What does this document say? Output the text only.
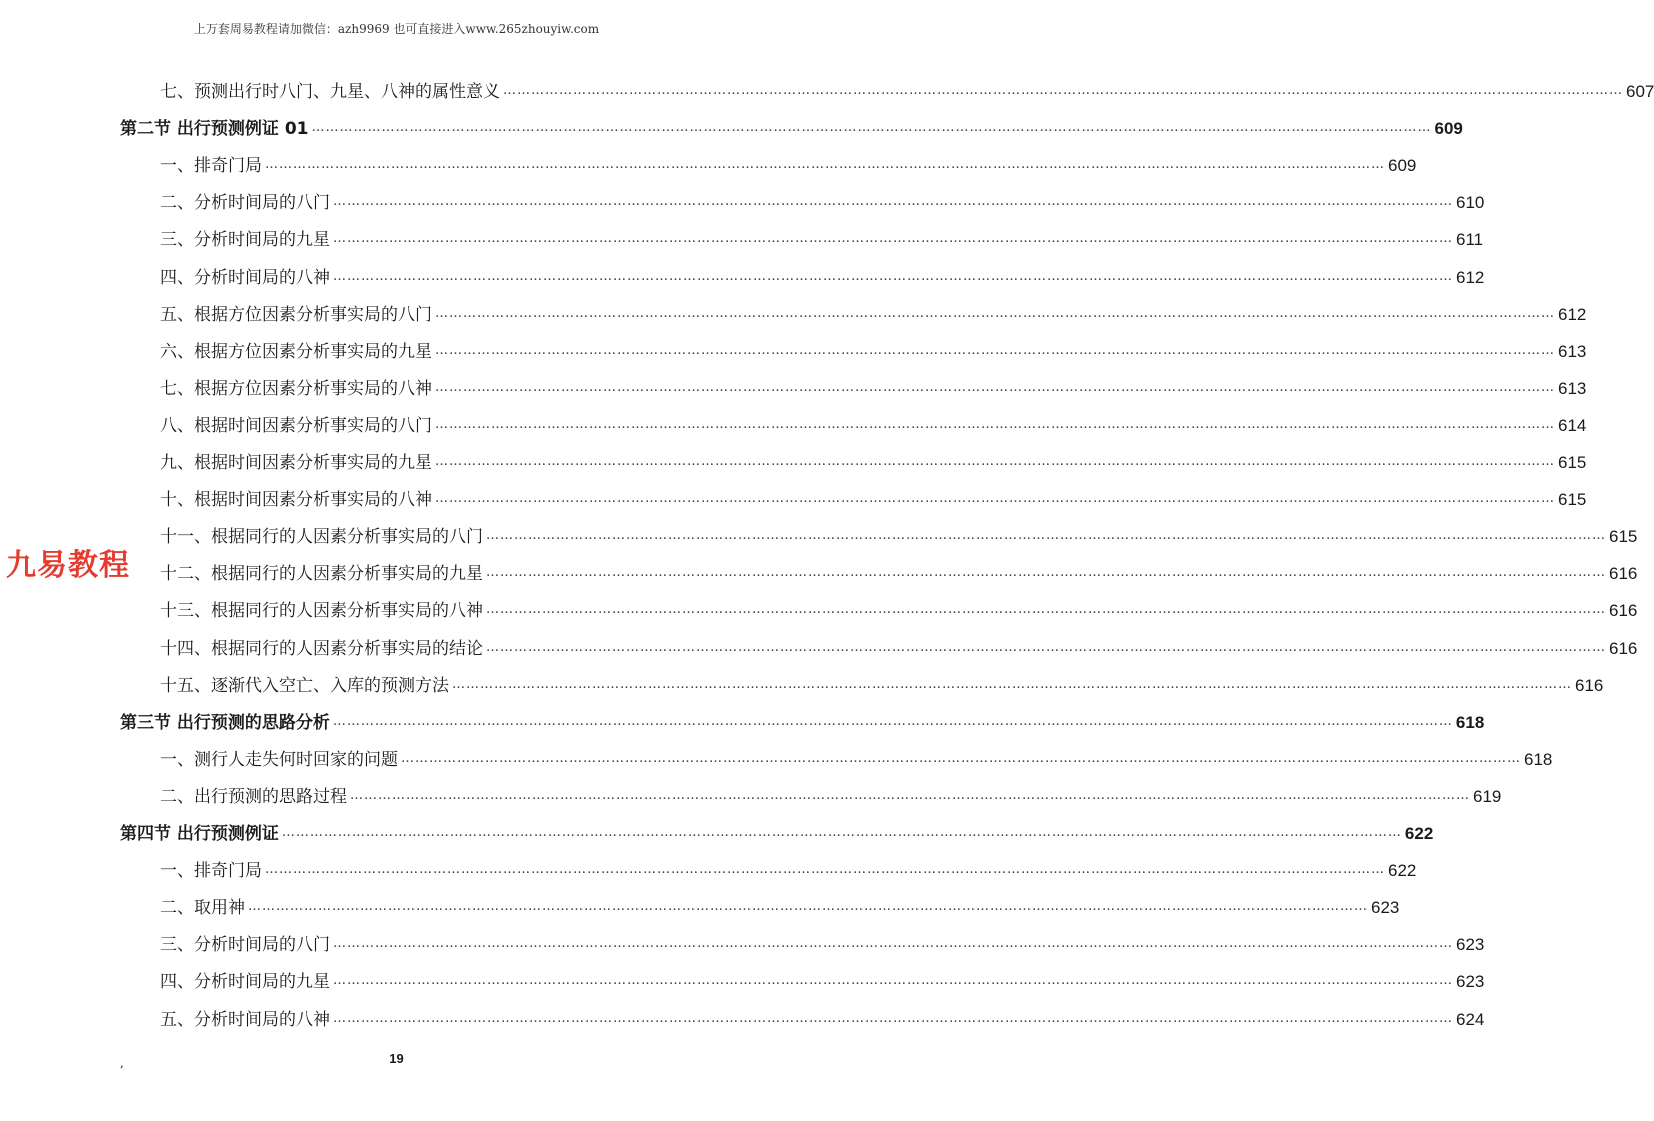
上万套周易教程请加微信：azh9969 也可直接进入www.265zhouyiw.com
七、预测出行时八门、九星、八神的属性意义 …………………………………………………………………………………………………………………………………………………………………………………………………………………… 607
第二节 出行预测例证 01 …………………………………………………………………………………………………………………………………………………………………………………………………………………… 609
一、排奇门局 …………………………………………………………………………………………………………………………………………………………………………………………………………………… 609
二、分析时间局的八门 …………………………………………………………………………………………………………………………………………………………………………………………………………………… 610
三、分析时间局的九星 …………………………………………………………………………………………………………………………………………………………………………………………………………………… 611
四、分析时间局的八神 …………………………………………………………………………………………………………………………………………………………………………………………………………………… 612
五、根据方位因素分析事实局的八门 …………………………………………………………………………………………………………………………………………………………………………………………………………………… 612
六、根据方位因素分析事实局的九星 …………………………………………………………………………………………………………………………………………………………………………………………………………………… 613
七、根据方位因素分析事实局的八神 …………………………………………………………………………………………………………………………………………………………………………………………………………………… 613
八、根据时间因素分析事实局的八门 …………………………………………………………………………………………………………………………………………………………………………………………………………………… 614
九、根据时间因素分析事实局的九星 …………………………………………………………………………………………………………………………………………………………………………………………………………………… 615
十、根据时间因素分析事实局的八神 …………………………………………………………………………………………………………………………………………………………………………………………………………………… 615
十一、根据同行的人因素分析事实局的八门 …………………………………………………………………………………………………………………………………………………………………………………………………………………… 615
十二、根据同行的人因素分析事实局的九星 …………………………………………………………………………………………………………………………………………………………………………………………………………………… 616
十三、根据同行的人因素分析事实局的八神 …………………………………………………………………………………………………………………………………………………………………………………………………………………… 616
十四、根据同行的人因素分析事实局的结论 …………………………………………………………………………………………………………………………………………………………………………………………………………………… 616
十五、逐渐代入空亡、入库的预测方法 …………………………………………………………………………………………………………………………………………………………………………………………………………………… 616
第三节 出行预测的思路分析 …………………………………………………………………………………………………………………………………………………………………………………………………………………… 618
一、测行人走失何时回家的问题 …………………………………………………………………………………………………………………………………………………………………………………………………………………… 618
二、出行预测的思路过程 …………………………………………………………………………………………………………………………………………………………………………………………………………………… 619
第四节 出行预测例证 …………………………………………………………………………………………………………………………………………………………………………………………………………………… 622
一、排奇门局 …………………………………………………………………………………………………………………………………………………………………………………………………………………… 622
二、取用神 …………………………………………………………………………………………………………………………………………………………………………………………………………………… 623
三、分析时间局的八门 …………………………………………………………………………………………………………………………………………………………………………………………………………………… 623
四、分析时间局的九星 …………………………………………………………………………………………………………………………………………………………………………………………………………………… 623
五、分析时间局的八神 …………………………………………………………………………………………………………………………………………………………………………………………………………………… 624
九易教程
,	19
